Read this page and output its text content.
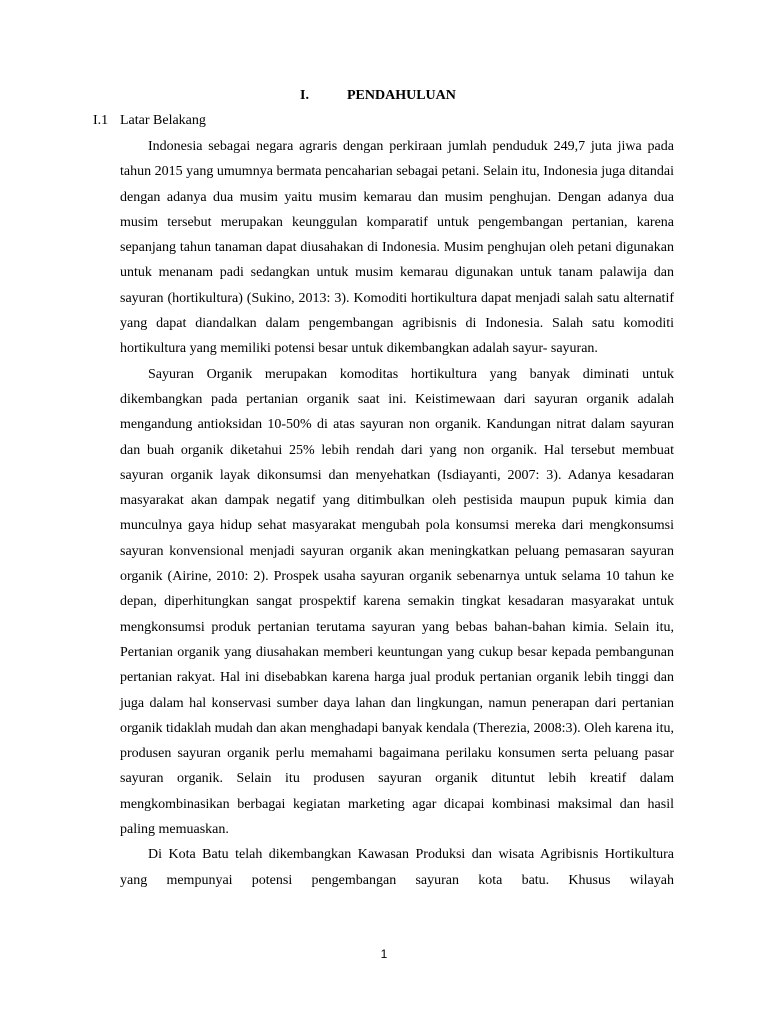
I.	PENDAHULUAN
I.1 Latar Belakang

Indonesia sebagai negara agraris dengan perkiraan jumlah penduduk 249,7 juta jiwa pada tahun 2015 yang umumnya bermata pencaharian sebagai petani. Selain itu, Indonesia juga ditandai dengan adanya dua musim yaitu musim kemarau dan musim penghujan. Dengan adanya dua musim tersebut merupakan keunggulan komparatif untuk pengembangan pertanian, karena sepanjang tahun tanaman dapat diusahakan di Indonesia. Musim penghujan oleh petani digunakan untuk menanam padi sedangkan untuk musim kemarau digunakan untuk tanam palawija dan sayuran (hortikultura) (Sukino, 2013: 3). Komoditi hortikultura dapat menjadi salah satu alternatif yang dapat diandalkan dalam pengembangan agribisnis di Indonesia. Salah satu komoditi hortikultura yang memiliki potensi besar untuk dikembangkan adalah sayur- sayuran.

Sayuran Organik merupakan komoditas hortikultura yang banyak diminati untuk dikembangkan pada pertanian organik saat ini. Keistimewaan dari sayuran organik adalah mengandung antioksidan 10-50% di atas sayuran non organik. Kandungan nitrat dalam sayuran dan buah organik diketahui 25% lebih rendah dari yang non organik. Hal tersebut membuat sayuran organik layak dikonsumsi dan menyehatkan (Isdiayanti, 2007: 3). Adanya kesadaran masyarakat akan dampak negatif yang ditimbulkan oleh pestisida maupun pupuk kimia dan munculnya gaya hidup sehat masyarakat mengubah pola konsumsi mereka dari mengkonsumsi sayuran konvensional menjadi sayuran organik akan meningkatkan peluang pemasaran sayuran organik (Airine, 2010: 2). Prospek usaha sayuran organik sebenarnya untuk selama 10 tahun ke depan, diperhitungkan sangat prospektif karena semakin tingkat kesadaran masyarakat untuk mengkonsumsi produk pertanian terutama sayuran yang bebas bahan-bahan kimia. Selain itu, Pertanian organik yang diusahakan memberi keuntungan yang cukup besar kepada pembangunan pertanian rakyat. Hal ini disebabkan karena harga jual produk pertanian organik lebih tinggi dan juga dalam hal konservasi sumber daya lahan dan lingkungan, namun penerapan dari pertanian organik tidaklah mudah dan akan menghadapi banyak kendala (Therezia, 2008:3). Oleh karena itu, produsen sayuran organik perlu memahami bagaimana perilaku konsumen serta peluang pasar sayuran organik. Selain itu produsen sayuran organik dituntut lebih kreatif dalam mengkombinasikan berbagai kegiatan marketing agar dicapai kombinasi maksimal dan hasil paling memuaskan.

Di Kota Batu telah dikembangkan Kawasan Produksi dan wisata Agribisnis Hortikultura yang mempunyai potensi pengembangan sayuran kota batu. Khusus wilayah

1
